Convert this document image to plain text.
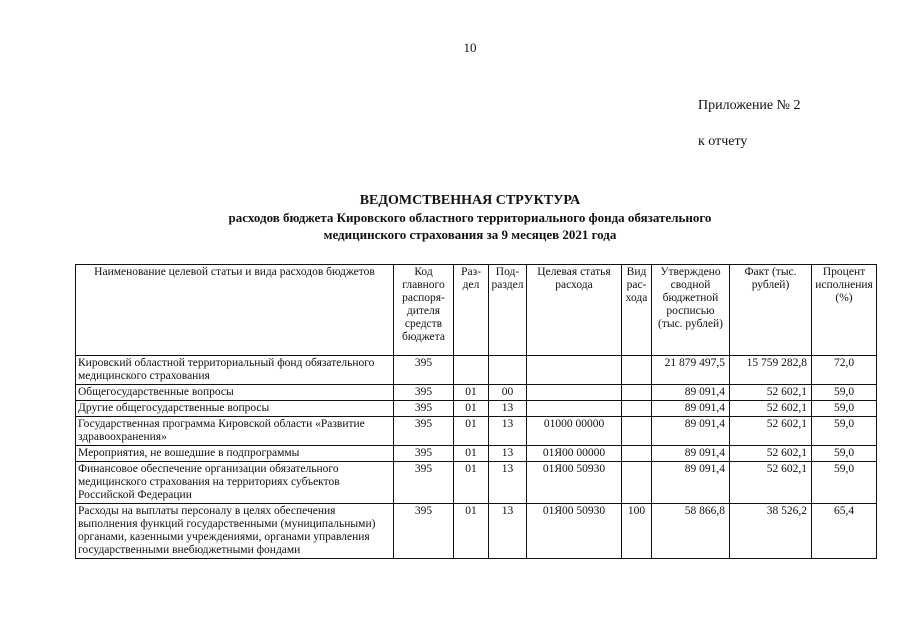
10
Приложение № 2
к отчету
ВЕДОМСТВЕННАЯ СТРУКТУРА
расходов бюджета Кировского областного территориального фонда обязательного
медицинского страхования за 9 месяцев 2021 года
Наименование целевой статьи и вида расходов бюджетов	Код главного распоря- дителя средств бюджета	Раз- дел	Под- раздел	Целевая статья расхода	Вид рас- хода	Утверждено сводной бюджетной росписью (тыс. рублей)	Факт (тыс. рублей)	Процент исполнения (%)
Кировский областной территориальный фонд обязательного медицинского страхования	395					21 879 497,5	15 759 282,8	72,0
Общегосударственные вопросы	395	01	00			89 091,4	52 602,1	59,0
Другие общегосударственные вопросы	395	01	13			89 091,4	52 602,1	59,0
Государственная программа Кировской области «Развитие здравоохранения»	395	01	13	01000 00000		89 091,4	52 602,1	59,0
Мероприятия, не вошедшие в подпрограммы	395	01	13	01Я00 00000		89 091,4	52 602,1	59,0
Финансовое обеспечение организации обязательного медицинского страхования на территориях субъектов Российской Федерации	395	01	13	01Я00 50930		89 091,4	52 602,1	59,0
Расходы на выплаты персоналу в целях обеспечения выполнения функций государственными (муниципальными) органами, казенными учреждениями, органами управления государственными внебюджетными фондами	395	01	13	01Я00 50930	100	58 866,8	38 526,2	65,4
